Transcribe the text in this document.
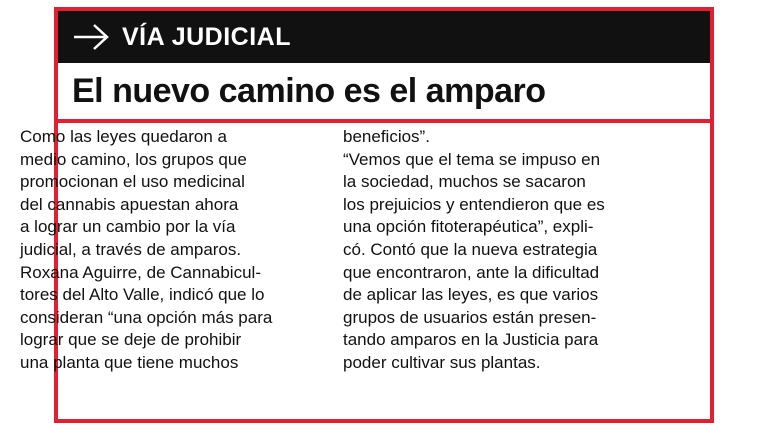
VÍA JUDICIAL
El nuevo camino es el amparo
Como las leyes quedaron a
medio camino, los grupos que
promocionan el uso medicinal
del cannabis apuestan ahora
a lograr un cambio por la vía
judicial, a través de amparos.
Roxana Aguirre, de Cannabicul-
tores del Alto Valle, indicó que lo
consideran “una opción más para
lograr que se deje de prohibir
una planta que tiene muchos
beneficios”.
“Vemos que el tema se impuso en
la sociedad, muchos se sacaron
los prejuicios y entendieron que es
una opción fitoterapéutica”, expli-
có. Contó que la nueva estrategia
que encontraron, ante la dificultad
de aplicar las leyes, es que varios
grupos de usuarios están presen-
tando amparos en la Justicia para
poder cultivar sus plantas.
